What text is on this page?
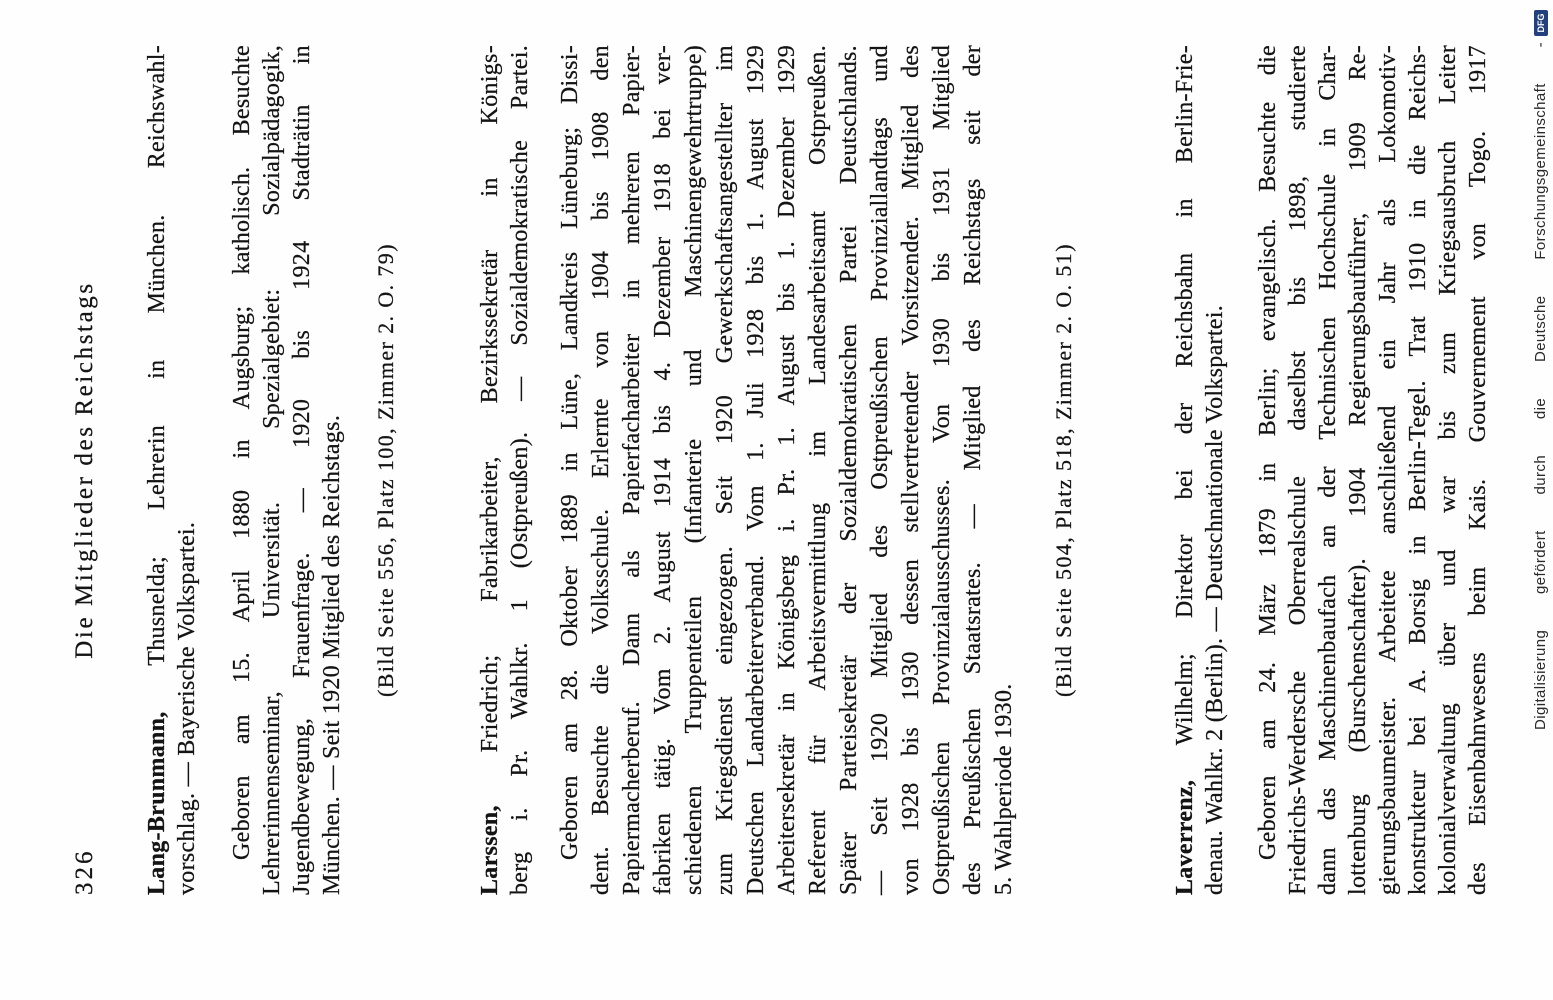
326
Die Mitglieder des Reichstags
Lang-Brunmann, Thusnelda; Lehrerin in München. Reichswahl-
vorschlag. — Bayerische Volkspartei. Geboren am 15. April 1880 in Augsburg; katholisch. Besuchte Lehrerinnenseminar, Universität. Spezialgebiet: Sozialpädagogik, Jugendbewegung, Frauenfrage. — 1920 bis 1924 Stadträtin in München. — Seit 1920 Mitglied des Reichstags. (Bild Seite 556, Platz 100, Zimmer 2. O. 79)
Larssen, Friedrich; Fabrikarbeiter, Bezirkssekretär in Königs- berg i. Pr. Wahlkr. 1 (Ostpreußen). — Sozialdemokratische Partei. Geboren am 28. Oktober 1889 in Lüne, Landkreis Lüneburg; Dissi- dent. Besuchte die Volksschule. Erlernte von 1904 bis 1908 den Papiermacherberuf. Dann als Papierfacharbeiter in mehreren Papier- fabriken tätig. Vom 2. August 1914 bis 4. Dezember 1918 bei ver- schiedenen Truppenteilen (Infanterie und Maschinengewehrtruppe) zum Kriegsdienst eingezogen. Seit 1920 Gewerkschaftsangestellter im Deutschen Landarbeiterverband. Vom 1. Juli 1928 bis 1. August 1929 Arbeitersekretär in Königsberg i. Pr. 1. August bis 1. Dezember 1929 Referent für Arbeitsvermittlung im Landesarbeitsamt Ostpreußen. Später Parteisekretär der Sozialdemokratischen Partei Deutschlands. — Seit 1920 Mitglied des Ostpreußischen Provinziallandtags und von 1928 bis 1930 dessen stellvertretender Vorsitzender. Mitglied des Ostpreußischen Provinzialausschusses. Von 1930 bis 1931 Mitglied des Preußischen Staatsrates. — Mitglied des Reichstags seit der 5. Wahlperiode 1930.
(Bild Seite 504, Platz 518, Zimmer 2. O. 51)
Laverrenz, Wilhelm; Direktor bei der Reichsbahn in Berlin-Frie- denau. Wahlkr. 2 (Berlin). — Deutschnationale Volkspartei. Geboren am 24. März 1879 in Berlin; evangelisch. Besuchte die Friedrichs-Werdersche Oberrealschule daselbst bis 1898, studierte dann das Maschinenbaufach an der Technischen Hochschule in Char- lottenburg (Burschenschafter). 1904 Regierungsbauführer, 1909 Re- gierungsbaumeister. Arbeitete anschließend ein Jahr als Lokomotiv- konstrukteur bei A. Borsig in Berlin-Tegel. Trat 1910 in die Reichs- kolonialverwaltung über und war bis zum Kriegsausbruch Leiter des Eisenbahnwesens beim Kais. Gouvernement von Togo. 1917	Digitalisierung gefördert durch die Deutsche Forschungsgemeinschaft -
DFG
